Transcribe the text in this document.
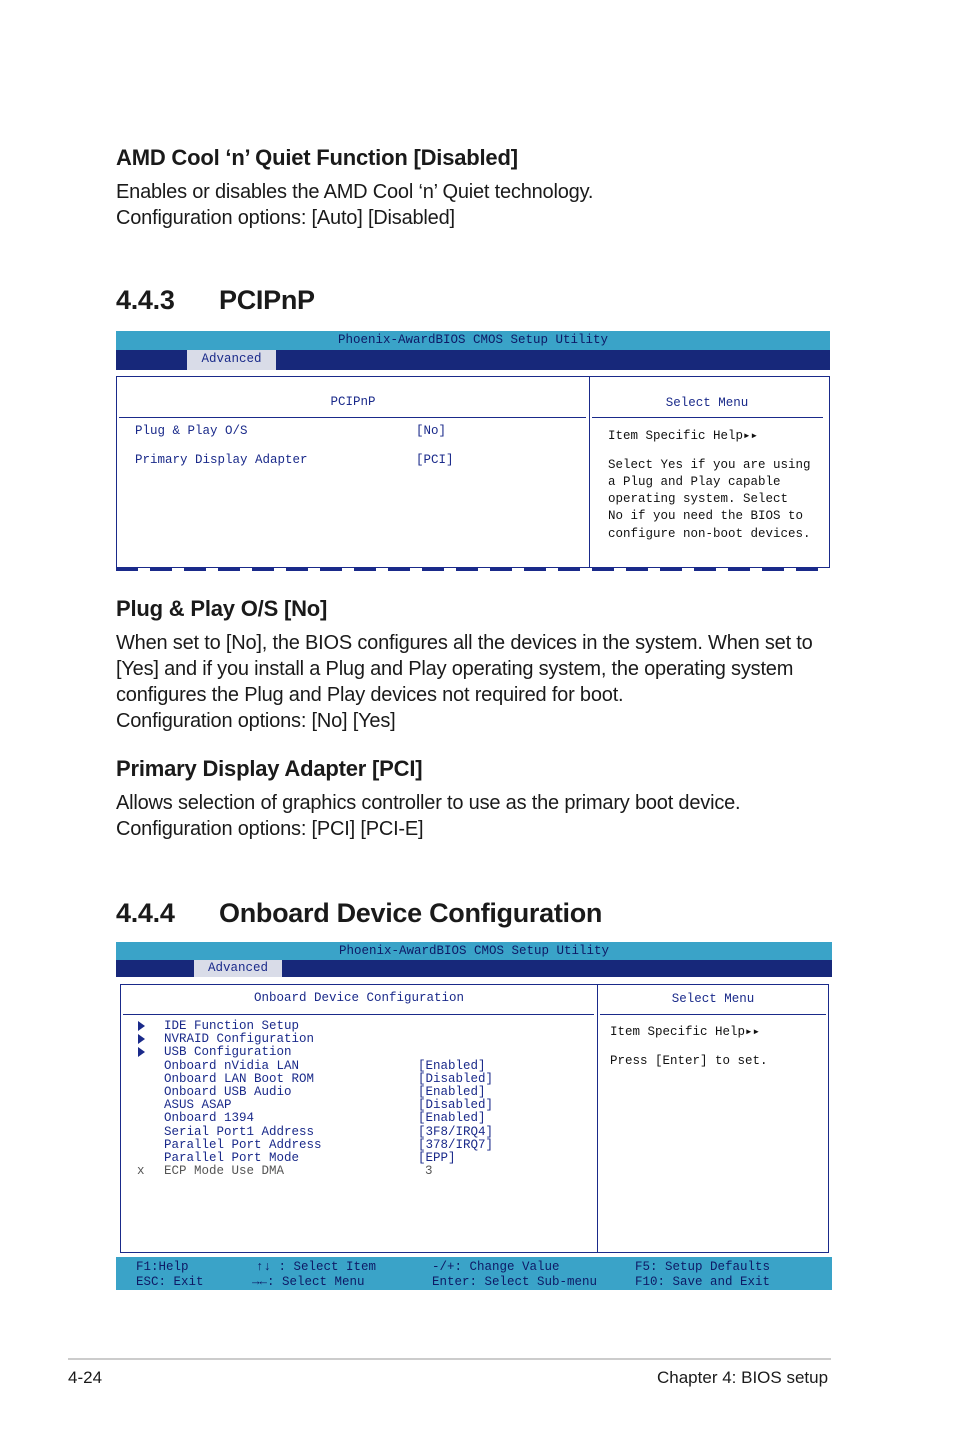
AMD Cool ‘n’ Quiet Function [Disabled]
Enables or disables the AMD Cool ‘n’ Quiet technology.
Configuration options: [Auto] [Disabled]
4.4.3 PCIPnP
Phoenix-AwardBIOS CMOS Setup Utility
Advanced
PCIPnP	Select Menu
Plug & Play O/S	[No]
Primary Display Adapter	[PCI]
Item Specific Help▸▸
Select Yes if you are using
a Plug and Play capable
operating system. Select
No if you need the BIOS to
configure non-boot devices.
Plug & Play O/S [No]
When set to [No], the BIOS configures all the devices in the system. When set to
[Yes] and if you install a Plug and Play operating system, the operating system
configures the Plug and Play devices not required for boot.
Configuration options: [No] [Yes]
Primary Display Adapter [PCI]
Allows selection of graphics controller to use as the primary boot device.
Configuration options: [PCI] [PCI-E]
4.4.4 Onboard Device Configuration
Phoenix-AwardBIOS CMOS Setup Utility
Advanced
Onboard Device Configuration	Select Menu
IDE Function Setup
NVRAID Configuration
USB Configuration
Onboard nVidia LAN	[Enabled]
Onboard LAN Boot ROM	[Disabled]
Onboard USB Audio	[Enabled]
ASUS ASAP	[Disabled]
Onboard 1394	[Enabled]
Serial Port1 Address	[3F8/IRQ4]
Parallel Port Address	[378/IRQ7]
Parallel Port Mode	[EPP]
x ECP Mode Use DMA	3
Item Specific Help▸▸
Press [Enter] to set.
F1:Help
ESC: Exit
↑↓ : Select Item
→←: Select Menu
-/+: Change Value
Enter: Select Sub-menu
F5: Setup Defaults
F10: Save and Exit
4-24	Chapter 4: BIOS setup
